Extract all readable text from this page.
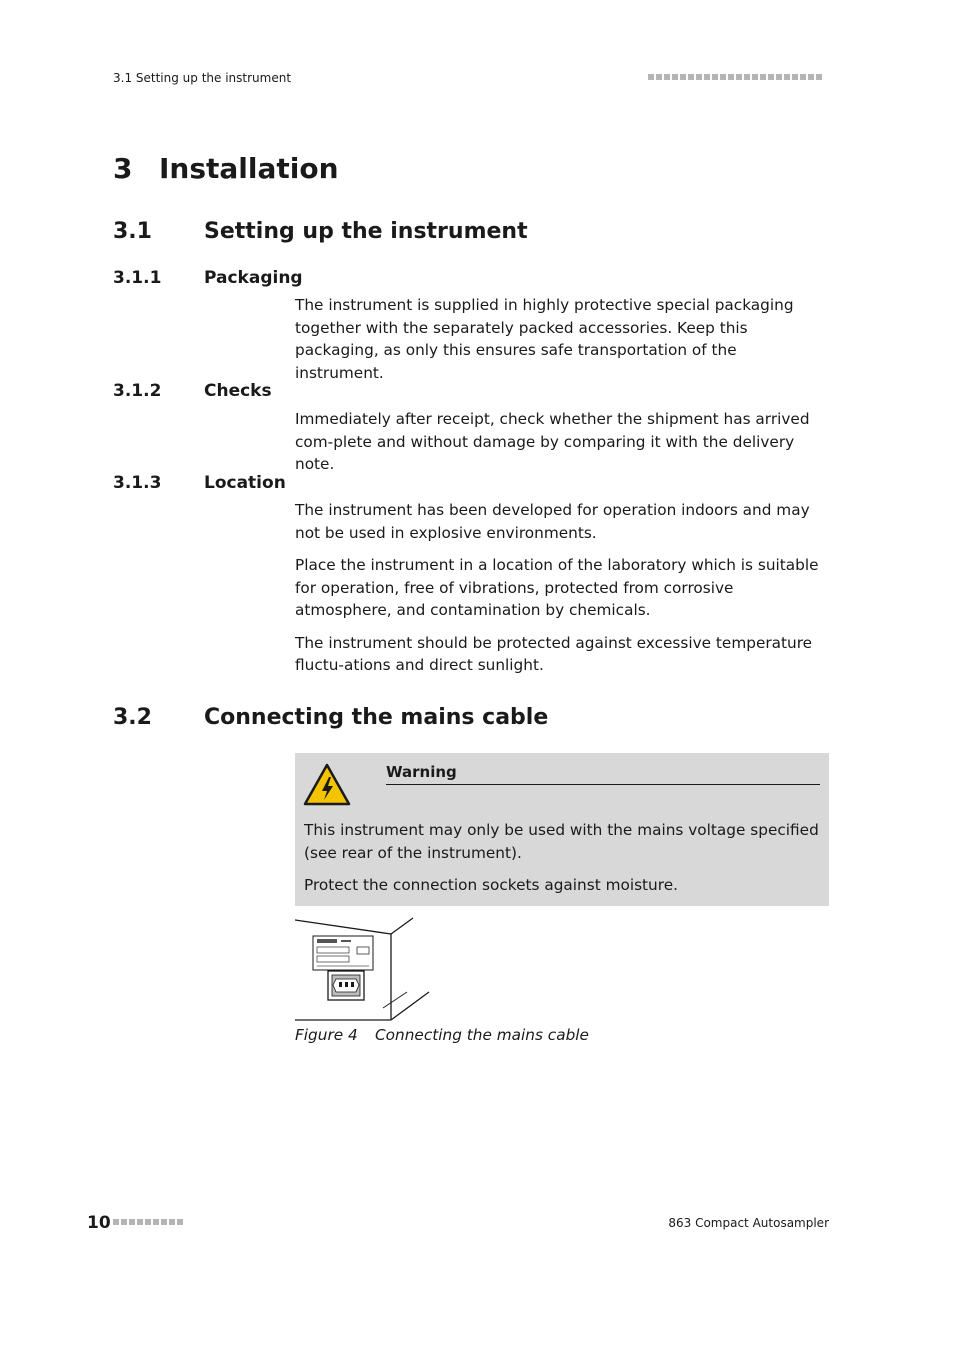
3.1 Setting up the instrument
3 Installation
3.1 Setting up the instrument
3.1.1	Packaging

The instrument is supplied in highly protective special packaging together with the separately packed accessories. Keep this packaging, as only this ensures safe transportation of the instrument.

3.1.2	Checks

Immediately after receipt, check whether the shipment has arrived com-plete and without damage by comparing it with the delivery note.

3.1.3	Location

The instrument has been developed for operation indoors and may not be used in explosive environments.

Place the instrument in a location of the laboratory which is suitable for operation, free of vibrations, protected from corrosive atmosphere, and contamination by chemicals.

The instrument should be protected against excessive temperature fluctu-ations and direct sunlight.

3.2 Connecting the mains cable
Warning

This instrument may only be used with the mains voltage specified (see rear of the instrument).

Protect the connection sockets against moisture.

Figure 4 Connecting the mains cable
10	863 Compact Autosampler
